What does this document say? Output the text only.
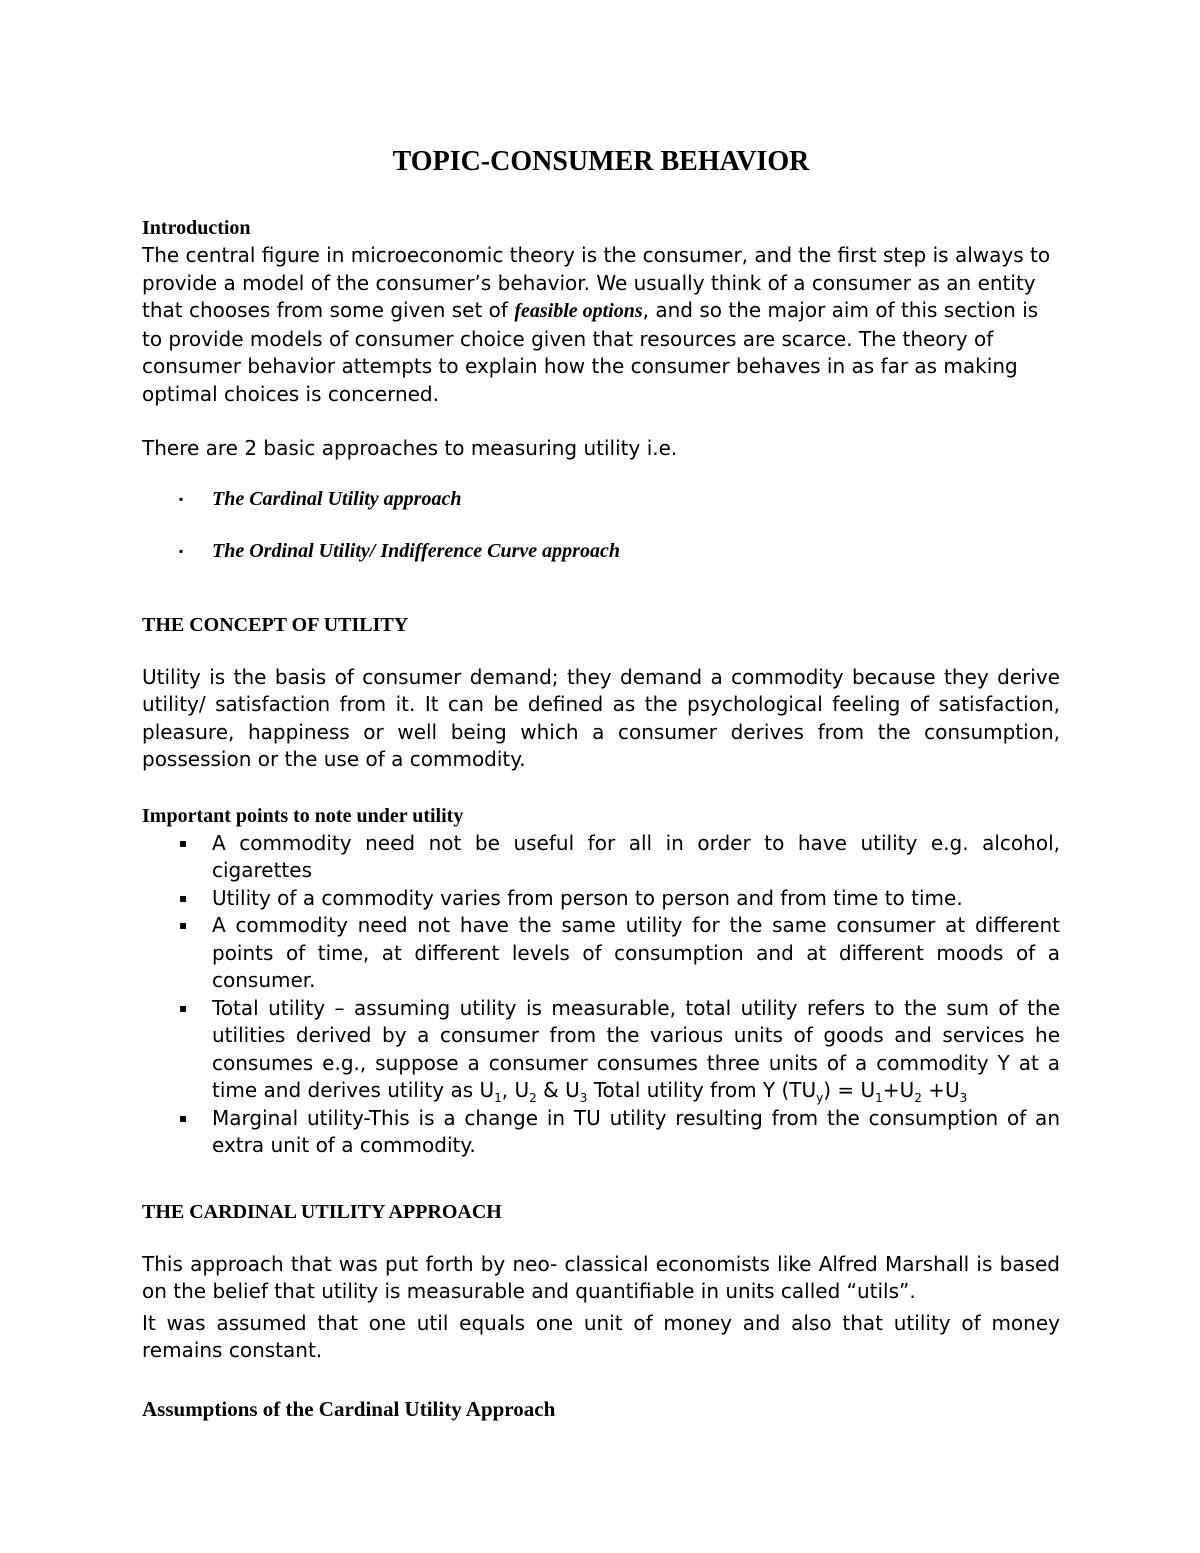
TOPIC-CONSUMER BEHAVIOR
Introduction

The central figure in microeconomic theory is the consumer, and the first step is always to provide a model of the consumer’s behavior. We usually think of a consumer as an entity that chooses from some given set of feasible options, and so the major aim of this section is to provide models of consumer choice given that resources are scarce. The theory of consumer behavior attempts to explain how the consumer behaves in as far as making optimal choices is concerned.

There are 2 basic approaches to measuring utility i.e.

▪ The Cardinal Utility approach
▪ The Ordinal Utility/ Indifference Curve approach
THE CONCEPT OF UTILITY

Utility is the basis of consumer demand; they demand a commodity because they derive utility/ satisfaction from it. It can be defined as the psychological feeling of satisfaction, pleasure, happiness or well being which a consumer derives from the consumption, possession or the use of a commodity.

Important points to note under utility
▪ A commodity need not be useful for all in order to have utility e.g. alcohol, cigarettes
▪ Utility of a commodity varies from person to person and from time to time.
▪ A commodity need not have the same utility for the same consumer at different points of time, at different levels of consumption and at different moods of a consumer.
▪ Total utility – assuming utility is measurable, total utility refers to the sum of the utilities derived by a consumer from the various units of goods and services he consumes e.g., suppose a consumer consumes three units of a commodity Y at a time and derives utility as $U_1$, $U_2$ & $U_3$ Total utility from Y $(TU_y) = U_1+U_2 +U_3$
▪ Marginal utility-This is a change in TU utility resulting from the consumption of an extra unit of a commodity.
THE CARDINAL UTILITY APPROACH

This approach that was put forth by neo- classical economists like Alfred Marshall is based on the belief that utility is measurable and quantifiable in units called “utils”.

It was assumed that one util equals one unit of money and also that utility of money remains constant.

Assumptions of the Cardinal Utility Approach
